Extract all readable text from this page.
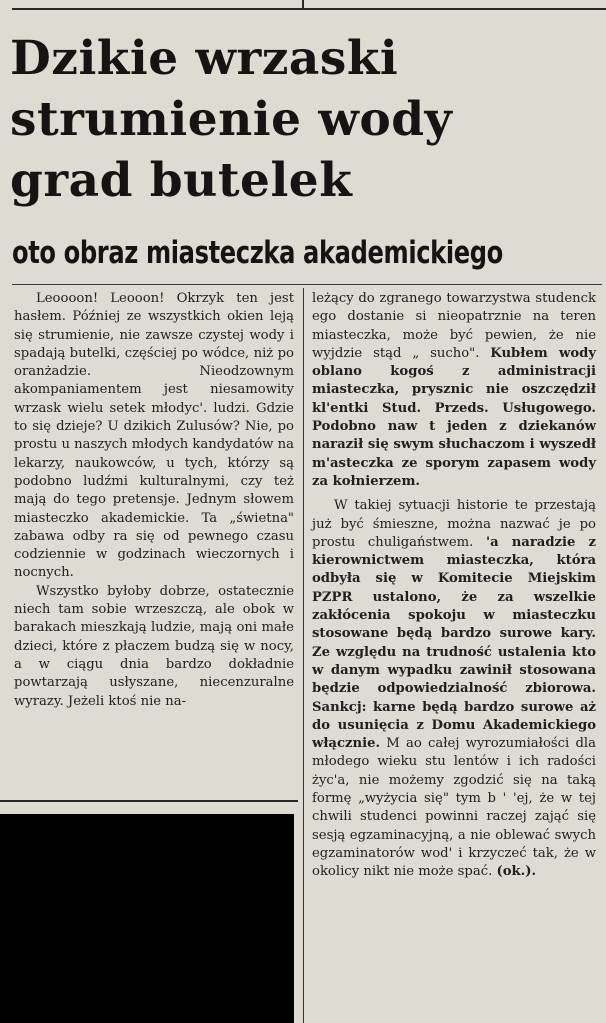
Dzikie wrzaski
strumienie wody
grad butelek
oto obraz miasteczka akademickiego

Leoooon! Leooon! Okrzyk ten jest hasłem. Później ze wszystkich okien leją się strumienie, nie zawsze czystej wody i spadają butelki, częściej po wódce, niż po oranżadzie. Nieodzownym akompaniamentem jest niesamowity wrzask wielu setek młodyc'. ludzi. Gdzie to się dzieje? U dzikich Zulusów? Nie, po prostu u naszych młodych kandydatów na lekarzy, naukowców, u tych, którzy są podobno ludźmi kulturalnymi, czy też mają do tego pretensje. Jednym słowem miasteczko akademickie. Ta „świetna" zabawa odby ra się od pewnego czasu codziennie w godzinach wieczornych i nocnych.

Wszystko byłoby dobrze, ostatecznie niech tam sobie wrzeszczą, ale obok w barakach mieszkają ludzie, mają oni małe dzieci, które z płaczem budzą się w nocy, a w ciągu dnia bardzo dokładnie powtarzają usłyszane, niecenzuralne wyrazy. Jeżeli ktoś nie na-

leżący do zgranego towarzystwa studenck ego dostanie si nieopatrznie na teren miasteczka, może być pewien, że nie wyjdzie stąd „ sucho". Kubłem wody oblano kogoś z administracji miasteczka, prysznic nie oszczędził kl'entki Stud. Przeds. Usługowego. Podobno naw t jeden z dziekanów naraził się swym słuchaczom i wyszedł m'asteczka ze sporym zapasem wody za kołnierzem.

W takiej sytuacji historie te przestają już być śmieszne, można nazwać je po prostu chuligaństwem. 'a naradzie z kierownictwem miasteczka, która odbyła się w Komitecie Miejskim PZPR ustalono, że za wszelkie zakłócenia spokoju w miasteczku stosowane będą bardzo surowe kary. Ze względu na trudność ustalenia kto w danym wypadku zawinił stosowana będzie odpowiedzialność zbiorowa. Sankcj: karne będą bardzo surowe aż do usunięcia z Domu Akademickiego włącznie. M ao całej wyrozumiałości dla młodego wieku stu lentów i ich radości życ'a, nie możemy zgodzić się na taką formę „wyżycia się" tym b ' 'ej, że w tej chwili studenci powinni raczej zająć się sesją egzaminacyjną, a nie oblewać swych egzaminatorów wod' i krzyczeć tak, że w okolicy nikt nie może spać. (ok.).
